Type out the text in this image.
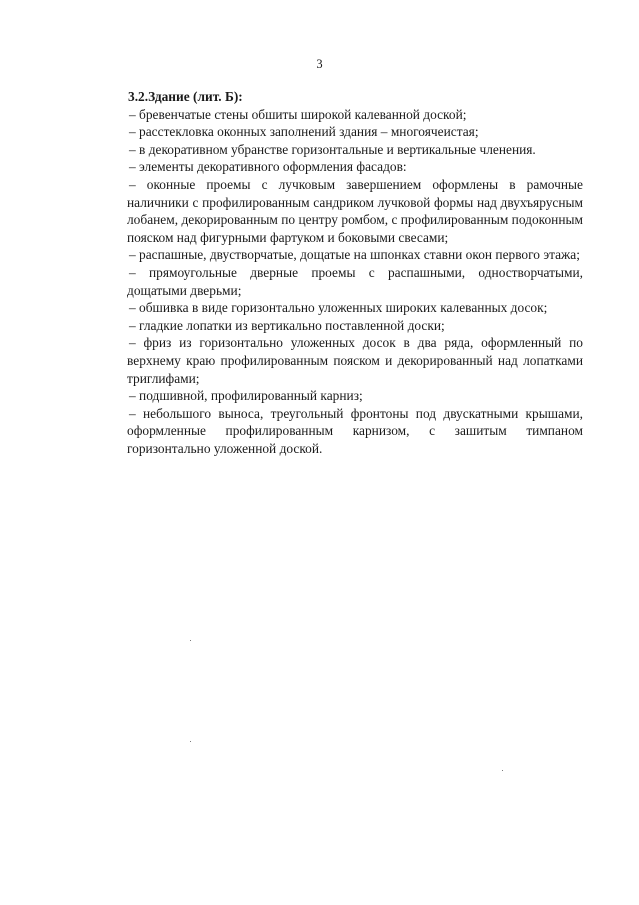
3

3.2.Здание (лит. Б):

– бревенчатые стены обшиты широкой калеванной доской;

– расстекловка оконных заполнений здания – многоячеистая;

– в декоративном убранстве горизонтальные и вертикальные членения.

– элементы декоративного оформления фасадов:

– оконные проемы с лучковым завершением оформлены в рамочные наличники с профилированным сандриком лучковой формы над двухъярусным лобанем, декорированным по центру ромбом, с профилированным подоконным пояском над фигурными фартуком и боковыми свесами;

– распашные, двустворчатые, дощатые на шпонках ставни окон первого этажа;

– прямоугольные дверные проемы с распашными, одностворчатыми, дощатыми дверьми;

– обшивка в виде горизонтально уложенных широких калеванных досок;

– гладкие лопатки из вертикально поставленной доски;

– фриз из горизонтально уложенных досок в два ряда, оформленный по верхнему краю профилированным пояском и декорированный над лопатками триглифами;

– подшивной, профилированный карниз;

– небольшого выноса, треугольный фронтоны под двускатными крышами, оформленные профилированным карнизом, с зашитым тимпаном горизонтально уложенной доской.
